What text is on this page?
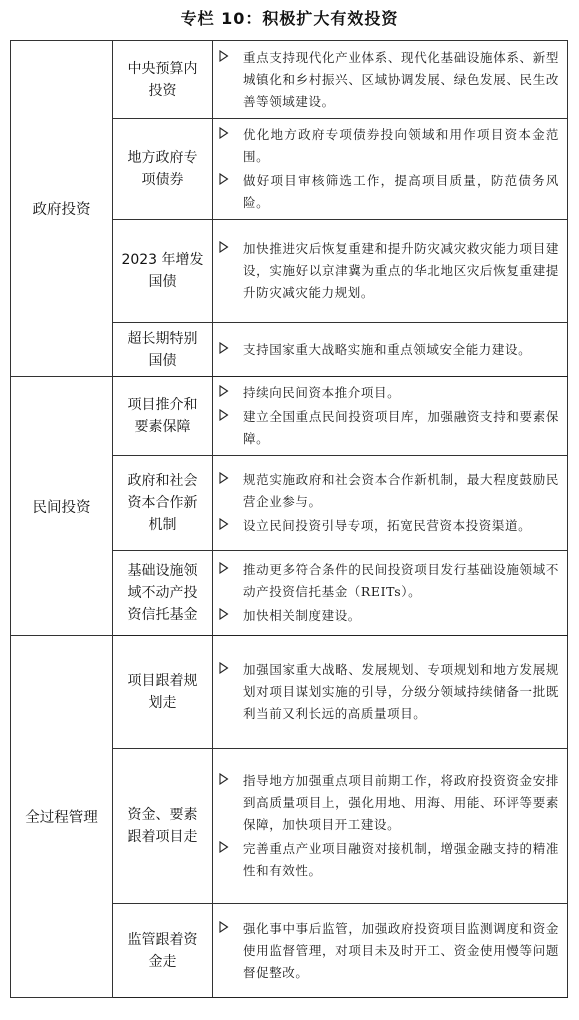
专栏 10：积极扩大有效投资
政府投资	中央预算内投资	重点支持现代化产业体系、现代化基础设施体系、新型城镇化和乡村振兴、区域协调发展、绿色发展、民生改善等领域建设。

	地方政府专项债券	优化地方政府专项债券投向领域和用作项目资本金范围。
做好项目审核筛选工作，提高项目质量，防范债务风险。

	2023 年增发国债	加快推进灾后恢复重建和提升防灾减灾救灾能力项目建设，实施好以京津冀为重点的华北地区灾后恢复重建提升防灾减灾能力规划。

	超长期特别国债	支持国家重大战略实施和重点领域安全能力建设。

民间投资	项目推介和要素保障	持续向民间资本推介项目。
建立全国重点民间投资项目库，加强融资支持和要素保障。

	政府和社会资本合作新机制	规范实施政府和社会资本合作新机制，最大程度鼓励民营企业参与。
设立民间投资引导专项，拓宽民营资本投资渠道。

	基础设施领域不动产投资信托基金	推动更多符合条件的民间投资项目发行基础设施领域不动产投资信托基金（REITs）。
加快相关制度建设。

全过程管理	项目跟着规划走	加强国家重大战略、发展规划、专项规划和地方发展规划对项目谋划实施的引导，分级分领域持续储备一批既利当前又利长远的高质量项目。

	资金、要素跟着项目走	指导地方加强重点项目前期工作，将政府投资资金安排到高质量项目上，强化用地、用海、用能、环评等要素保障，加快项目开工建设。
完善重点产业项目融资对接机制，增强金融支持的精准性和有效性。

	监管跟着资金走	强化事中事后监管，加强政府投资项目监测调度和资金使用监督管理，对项目未及时开工、资金使用慢等问题督促整改。
